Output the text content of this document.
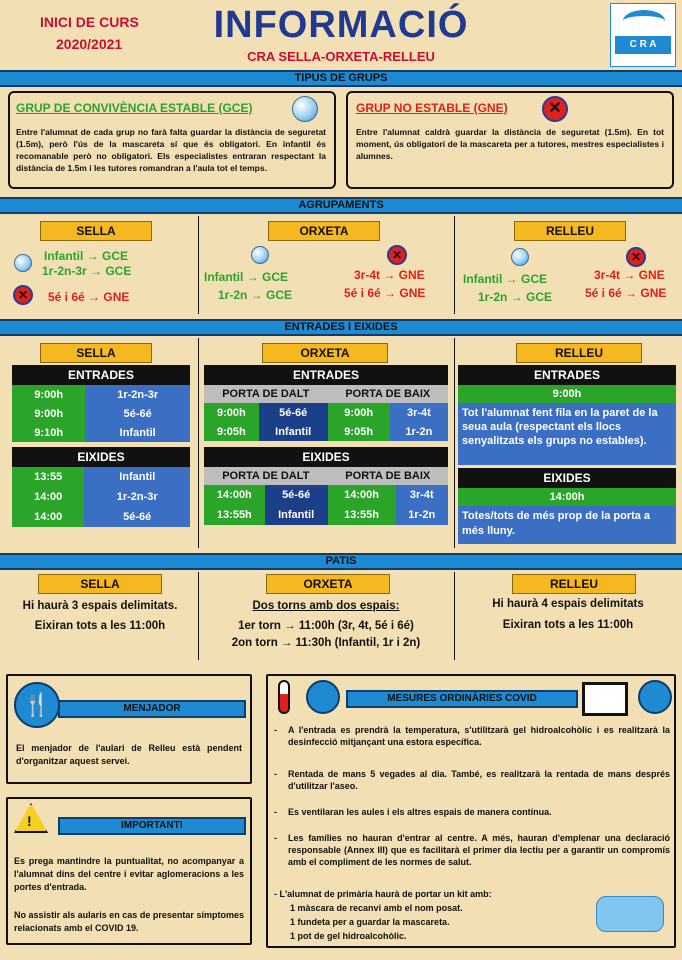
INICI DE CURS
2020/2021	INFORMACIÓ
CRA SELLA-ORXETA-RELLEU
C R A
TIPUS DE GRUPS
GRUP DE CONVIVÈNCIA ESTABLE (GCE)
Entre l'alumnat de cada grup no farà falta guardar la distància de seguretat (1.5m), però l'ús de la mascareta sí que és obligatori. En infantil és recomanable però no obligatori. Els especialistes entraran respectant la distància de 1.5m i les tutores romandran a l'aula tot el temps.
GRUP NO ESTABLE (GNE)	✕
Entre l'alumnat caldrà guardar la distància de seguretat (1.5m). En tot moment, ús obligatori de la mascareta per a tutores, mestres especialistes i alumnes.
AGRUPAMENTS
SELLA
Infantil → GCE
1r-2n-3r → GCE
✕	5é i 6é → GNE
ORXETA
Infantil → GCE
1r-2n → GCE
✕
3r-4t → GNE
5é i 6é → GNE
RELLEU
Infantil → GCE
1r-2n → GCE
✕
3r-4t → GNE
5é i 6é → GNE
ENTRADES I EIXIDES
SELLA	ORXETA	RELLEU
ENTRADES	
9:00h	1r-2n-3r
9:00h	5é-6é
9:10h	Infantil
EIXIDES	
13:55	Infantil
14:00	1r-2n-3r
14:00	5é-6é
ENTRADES			
PORTA DE DALT		PORTA DE BAIX	
9:00h	5é-6é	9:00h	3r-4t
9:05h	Infantil	9:05h	1r-2n
EIXIDES			
PORTA DE DALT		PORTA DE BAIX	
14:00h	5é-6é	14:00h	3r-4t
13:55h	Infantil	13:55h	1r-2n
ENTRADES
9:00h
Tot l'alumnat fent fila en la paret de la seua aula (respectant els llocs senyalitzats els grups no estables).
EIXIDES
14:00h
Totes/tots de més prop de la porta a més lluny.
PATIS
SELLA
Hi haurà 3 espais delimitats.
Eixiran tots a les 11:00h
ORXETA
Dos torns amb dos espais:
1er torn → 11:00h (3r, 4t, 5é i 6é)
2on torn → 11:30h (Infantil, 1r i 2n)
RELLEU
Hi haurà 4 espais delimitats
Eixiran tots a les 11:00h
🍴	MENJADOR
El menjador de l'aulari de Relleu està pendent d'organitzar aquest servei.
!	IMPORTANT!
Es prega mantindre la puntualitat, no acompanyar a l'alumnat dins del centre i evitar aglomeracions a les portes d'entrada.
No assistir als aularis en cas de presentar símptomes relacionats amb el COVID 19.
MESURES ORDINÀRIES COVID
-	A l'entrada es prendrà la temperatura, s'utilitzarà gel hidroalcohòlic i es realitzarà la desinfecció mitjançant una estora específica.
-	Rentada de mans 5 vegades al dia. També, es realitzarà la rentada de mans després d'utilitzar l'aseo.
-	Es ventilaran les aules i els altres espais de manera contínua.
-	Les famílies no hauran d'entrar al centre. A més, hauran d'emplenar una declaració responsable (Annex III) que es facilitarà el primer dia lectiu per a garantir un compromís amb el compliment de les normes de salut.
- L'alumnat de primària haurà de portar un kit amb:
1 màscara de recanvi amb el nom posat.
1 fundeta per a guardar la mascareta.
1 pot de gel hidroalcohòlic.
